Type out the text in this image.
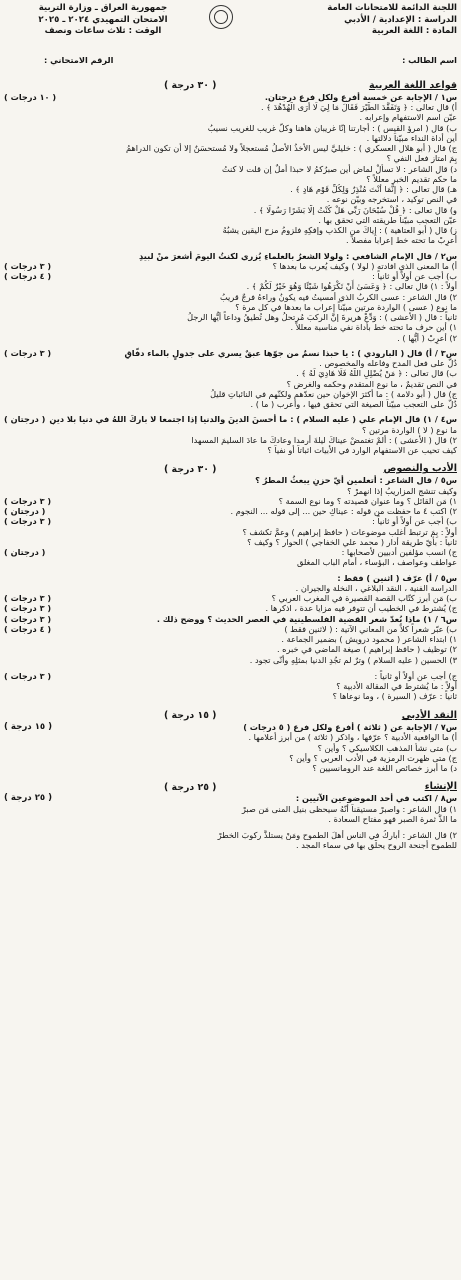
اللجنة الدائمة للامتحانات العامة
الدراسة : الإعدادية / الأدبي
المادة : اللغة العربية
جمهورية العراق ـ وزارة التربية
الامتحان التمهيدي ٢٠٢٤ ـ ٢٠٢٥
الوقت : ثلاث ساعات ونصف
اسم الطالب :
الرقم الامتحاني :
قواعد اللغة العربية
( ٣٠ درجة )
س١ / الإجابة عن خمسة أفرع ولكل فرع درجتان.
( ١٠ درجات )
أ) قال تعالى : ﴿ وَتَفَقَّدَ الطَّيْرَ فَقَالَ مَا لِيَ لَا أَرَى الْهُدْهُدَ ﴾ .
عيّن اسم الاستفهام وإعرابه .
ب) قال ( امرؤ القيس ) : أجارتنا إنّا غريبان هاهنا وكلُّ غريب للغريب نسيبُ
أين أداة النداء مبيّناً دلالتها .
ج) قال ( أبو هلال العسكري ) : خليليَّ ليس الأخذُ الأصلُ مُستعجلاً ولا مُستحسَنٌ إلا أن تكون الدراهمُ
بِمَ امتاز فعل النفي ؟
د) قال الشاعر : لا تسألْ لماضٍ أين صبرُكمُ لا حبذا أملٌ إن قلت لا كنتُ
ما حكم تقديم الخبر معللاً ؟
هـ) قال تعالى : ﴿ إِنَّمَا أَنْتَ مُنْذِرٌ وَلِكُلِّ قَوْمٍ هَادٍ ﴾ .
في النص توكيد ، استخرجه وبيّن نوعه .
و) قال تعالى : ﴿ قُلْ سُبْحَانَ رَبِّي هَلْ كُنْتُ إِلَّا بَشَرًا رَسُولًا ﴾ .
عيّن التعجب مبيّناً طريقته التي تحقق بها .
ز) قال ( أبو العتاهية ) : إياكَ من الكذبِ وإفكِهِ فلزومُ مزحِ اليقينِ يشبُهُ
أعرِبْ ما تحته خط إعراباً مفصلاً .
س٢ / قال الإمام الشافعي : ولولا الشعرُ بالعلماءِ يُزري لكنتُ اليومَ أشعرَ منْ لبيدِ
أ) ما المعنى الذي افادته ( لولا ) وكيف يُعرب ما بعدها ؟
( ٣ درجات )
ب) أجب عن أولاً أو ثانياً :
( ٤ درجات )
أولاً : ١) قال تعالى : ﴿ وَعَسَىٰ أَنْ تَكْرَهُوا شَيْئًا وَهُوَ خَيْرٌ لَكُمْ ﴾ .
٢) قال الشاعر : عسى الكربُ الذي أمسيتُ فيه يكونُ وراءهُ فرجٌ قريبُ
ما نوع ( عسى ) الواردة مرتين مبيّناً إعراب ما بعدها في كل مرة ؟
ثانياً : قال ( الأعشى ) : وَدِّعْ هريرةَ إنَّ الركبَ مُرتحلُ وهل تُطيقُ وداعاً أيُّها الرجلُ
١) أين حرف ما تحته خط بأداة نفي مناسبة معللاً .
٢) أعرِبْ ( أيُّها ) .
س٣ / أ) قال ( البارودي ) : يا حبذا نسمٌ من جوّها عبقٌ يسري على جدولٍ بالماء دفّاقِ
( ٣ درجات )
دُلّ على فعل المدح وفاعله والمخصوص .
ب) قال تعالى : ﴿ مَنْ يُضْلِلِ اللَّهُ فَلَا هَادِيَ لَهُ ﴾ .
في النص تقديمٌ ، ما نوع المتقدم وحكمه والغرض ؟
ج) قال ( أبو دلامة ) : ما أكثرَ الإخوانِ حين نعدّهم ولكنّهم في النائباتِ قليلُ
دُلّ على التعجب مبيّناً الصيغة التي تحقق فيها ، وأعرب ( ما ) .
س٤ / ١) قال الإمام علي ( عليه السلام ) : ما أحسنَ الدينَ والدنيا إذا اجتمعا لا باركَ اللهُ في دنيا بلا دينِ
( درجتان )
ما نوع ( لا ) الواردة مرتين ؟
٢) قال ( الأعشى ) : ألمْ تغتمضْ عيناكَ ليلةَ أرمدا وعادكَ ما عادَ السليمَ المسهدا
كيف تحيب عن الاستفهام الوارد في الأبيات اثباتاً أو نفياً ؟
الأدب والنصوص
( ٣٠ درجة )
س٥ / قال الشاعر : أتعلمين أيّ حزنٍ يبعثُ المطرُ ؟
وكيف تنشج المزاريبُ إذا انهمرْ ؟
١) مَن القائل ؟ وما عنوان قصيدته ؟ وما نوع السمة ؟
( ٣ درجات )
٢) اكتب ٤ ما حفظت من قوله : عيناكِ حين ... إلى قوله ... النجوم .
( درجتان )
ب) أجب عن أولاً أو ثانياً :
( ٣ درجات )
أولاً : بِمَ ترتبط أغلب موضوعات ( حافظ إبراهيم ) وعمَّ تكشف ؟
ثانياً : بأيّ طريقة أدار ( محمد علي الخفاجي ) الحوار ؟ وكيف ؟
ج) انسب مؤلفين أدبيين لأصحابها :
( درجتان )
عواطف وعواصف ، البؤساء ، أمام الباب المغلق
س٥ / أ) عرّف ( اثنين ) فقط :
الدراسة الفنية ، النقد البلاغي ، النخلة والجيران .
ب) مَن أبرز كتّاب القصة القصيرة في المغرب العربي ؟
( ٣ درجات )
ج) يُشترط في الخطيب أن تتوفر فيه مزايا عدة ، اذكرها .
( ٣ درجات )
س٦ / ١) ماذا يُعدّ شعر القضية الفلسطينية في العصر الحديث ؟ ووضح ذلك .
( ٣ درجات )
ب) عبّر شعراً كلاً من المعاني الآتية : ( لاثنين فقط )
( ٤ درجات )
١) ابتداء الشاعر ( محمود درويش ) بضمير الجماعة .
٢) توظيف ( حافظ إبراهيم ) صيغة الماضي في خبره .
٣) الحسين ( عليه السلام ) وترٌ لم تجُدِ الدنيا بمثلِهِ وأنّى تجود .
ج) أجب عن أولاً أو ثانياً :
( ٣ درجات )
أولاً : ما يُشترط في المقالة الأدبية ؟
ثانياً : عرّف ( السيرة ) ، وما نوعاها ؟
النقد الأدبي
( ١٥ درجة )
س٧ / الإجابة عن ( ثلاثة ) أفرع ولكل فرع ( ٥ درجات )
( ١٥ درجة )
أ) ما الواقعية الأدبية ؟ عرّفها ، واذكر ( ثلاثة ) من أبرز أعلامها .
ب) متى نشأ المذهب الكلاسيكي ؟ وأين ؟
ج) متى ظهرت الرمزية في الأدب العربي ؟ وأين ؟
د) ما أبرز خصائص اللغة عند الرومانسيين ؟
الإنشاء
( ٢٥ درجة )
س٨ / اكتب في أحد الموضوعين الآتيين :
( ٢٥ درجة )
١) قال الشاعر : واصبرْ مستيقناً أنّهُ سيحظى بنيلِ المنى مَن صبرْ
ما الذُّ ثمرة الصبر فهو مفتاح السعادة .
٢) قال الشاعر : أبارِكُ في الناسِ أهلَ الطموحِ ومَنْ يستلذُّ ركوبَ الخطرْ
للطموح أجنحة الروح يحلّق بها في سماء المجد .
